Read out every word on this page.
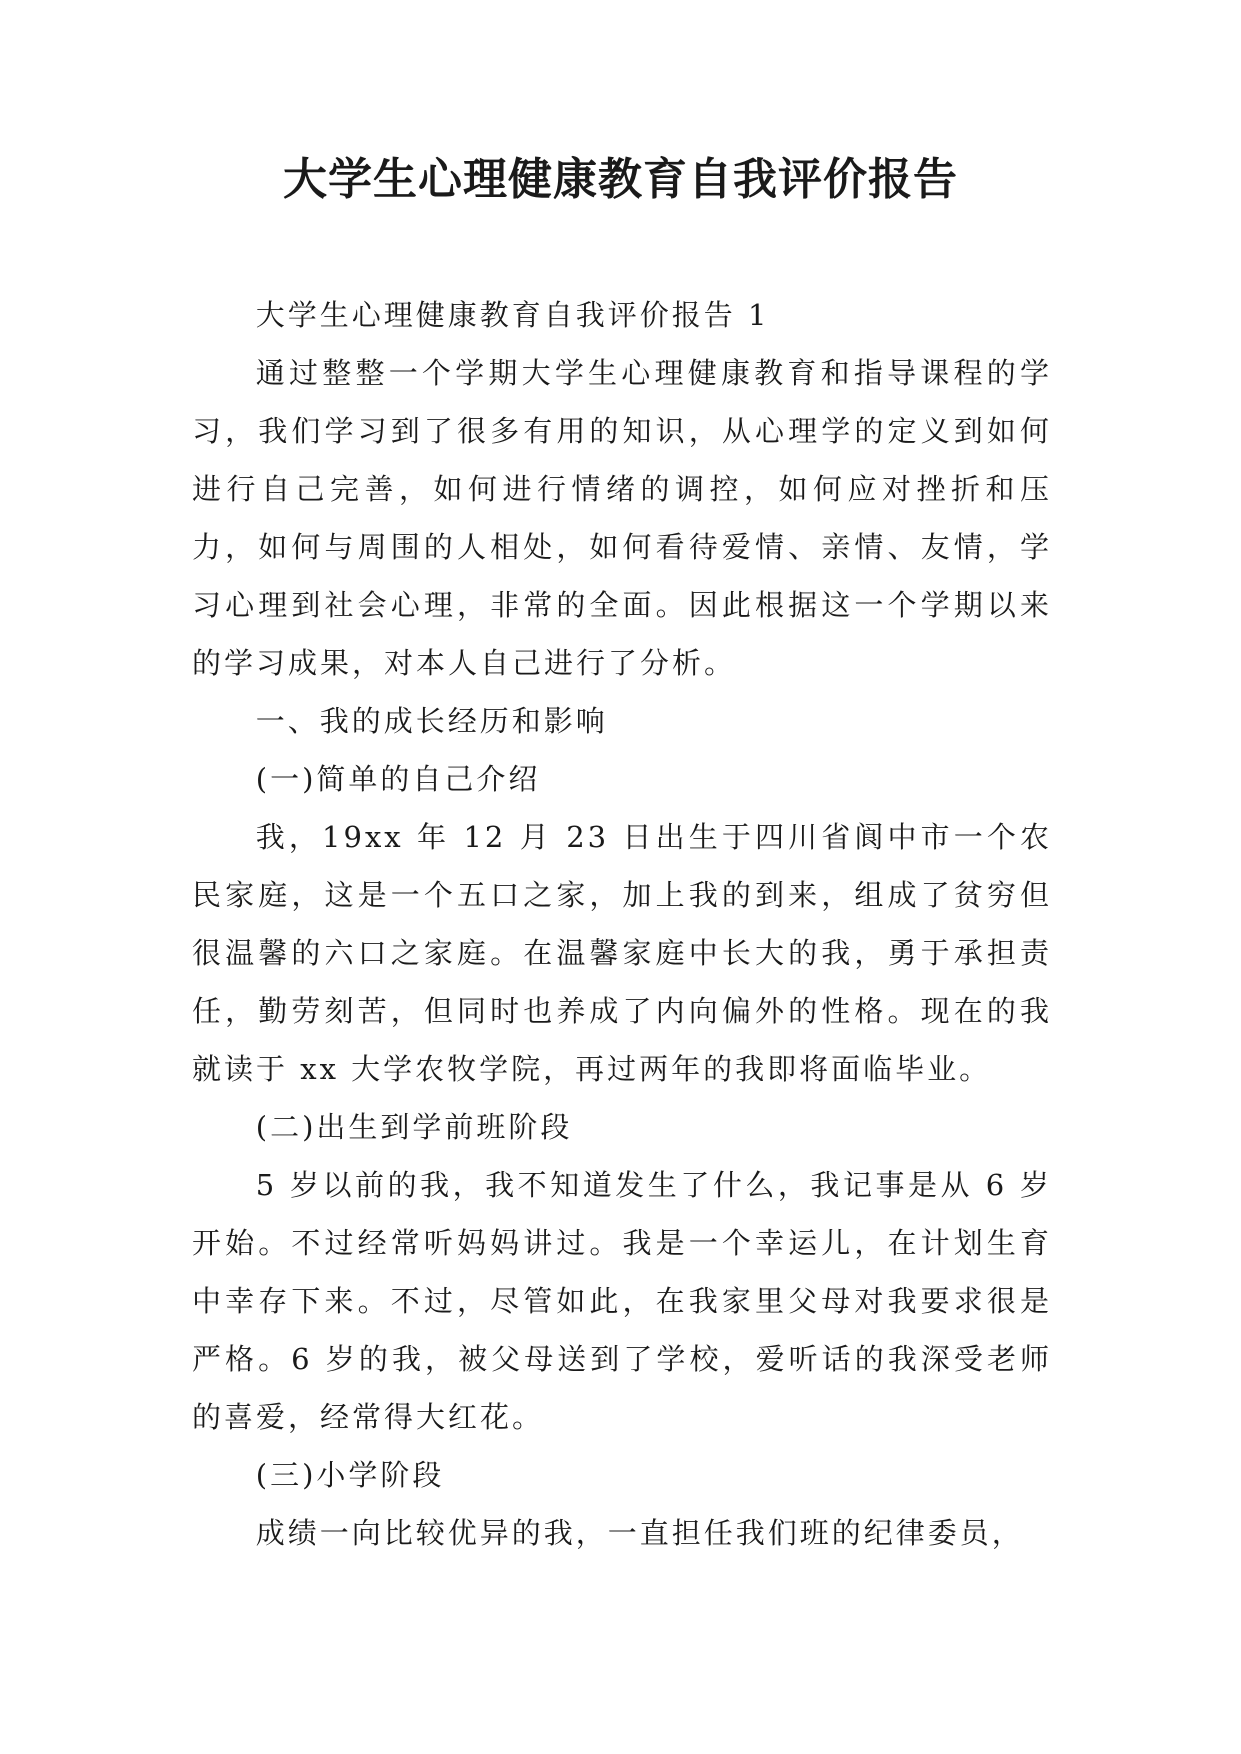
大学生心理健康教育自我评价报告

大学生心理健康教育自我评价报告 1

通过整整一个学期大学生心理健康教育和指导课程的学习，我们学习到了很多有用的知识，从心理学的定义到如何进行自己完善，如何进行情绪的调控，如何应对挫折和压力，如何与周围的人相处，如何看待爱情、亲情、友情，学习心理到社会心理，非常的全面。因此根据这一个学期以来的学习成果，对本人自己进行了分析。

一、我的成长经历和影响

(一)简单的自己介绍

我，19xx 年 12 月 23 日出生于四川省阆中市一个农民家庭，这是一个五口之家，加上我的到来，组成了贫穷但很温馨的六口之家庭。在温馨家庭中长大的我，勇于承担责任，勤劳刻苦，但同时也养成了内向偏外的性格。现在的我就读于 xx 大学农牧学院，再过两年的我即将面临毕业。

(二)出生到学前班阶段

5 岁以前的我，我不知道发生了什么，我记事是从 6 岁开始。不过经常听妈妈讲过。我是一个幸运儿，在计划生育中幸存下来。不过，尽管如此，在我家里父母对我要求很是严格。6 岁的我，被父母送到了学校，爱听话的我深受老师的喜爱，经常得大红花。

(三)小学阶段

成绩一向比较优异的我，一直担任我们班的纪律委员，
